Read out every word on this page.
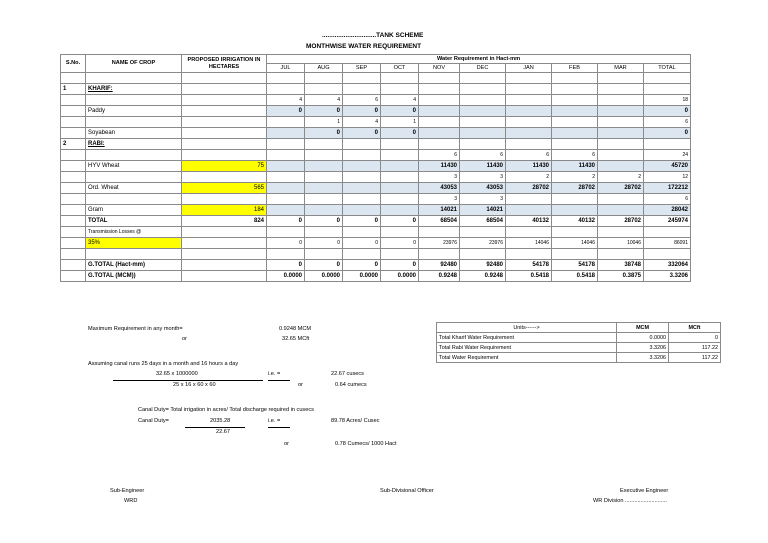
..............................TANK SCHEME
MONTHWISE WATER REQUIREMENT
S.No.	NAME OF CROP	PROPOSED IRRIGATION IN HECTARES	Water Requirement in Hact-mm									
			JUL	AUG	SEP	OCT	NOV	DEC	JAN	FEB	MAR	TOTAL

1	KHARIF:											
			4	4	6	4						18
	Paddy		0	0	0	0						0
				1	4	1						6
	Soyabean			0	0	0						0
2	RABI:											
							6	6	6	6		24
	HYV Wheat	75					11430	11430	11430	11430		45720
							3	3	2	2	2	12
	Ord. Wheat	565					43053	43053	28702	28702	28702	172212
							3	3				6
	Gram	184					14021	14021				28042
	TOTAL	824	0	0	0	0	68504	68504	40132	40132	28702	245974
	Transmission Losses @											
	35%		0	0	0	0	23976	23976	14046	14046	10046	86091

	G.TOTAL (Hact-mm)		0	0	0	0	92480	92480	54178	54178	38748	332064
	G.TOTAL (MCM))		0.0000	0.0000	0.0000	0.0000	0.9248	0.9248	0.5418	0.5418	0.3875	3.3206
Maximum Requirement in any month=	0.9248 MCM
or	32.65 MCft
Assuming canal runs 25 days in a month and 16 hours a day
32.65 x 1000000	i.e. =	22.67 cusecs
25 x 16 x 60 x 60	or	0.64 cumecs
Canal Duty= Total irrigation in acres/ Total discharge required in cusecs
Canal Duty=	2035.28	i.e. =	89.78 Acres/ Cusec
22.67
or	0.78 Cumecs/ 1000 Hact
Units------>	MCM	MCft
Total Kharif Water Requirement	0.0000	0
Total Rabi Water Requirement	3.3206	117.22
Total Water Requirement	3.3206	117.22
Sub-Engineer
WRD
Sub-Divisional Officer	Executive Engineer
WR Division ...........................
